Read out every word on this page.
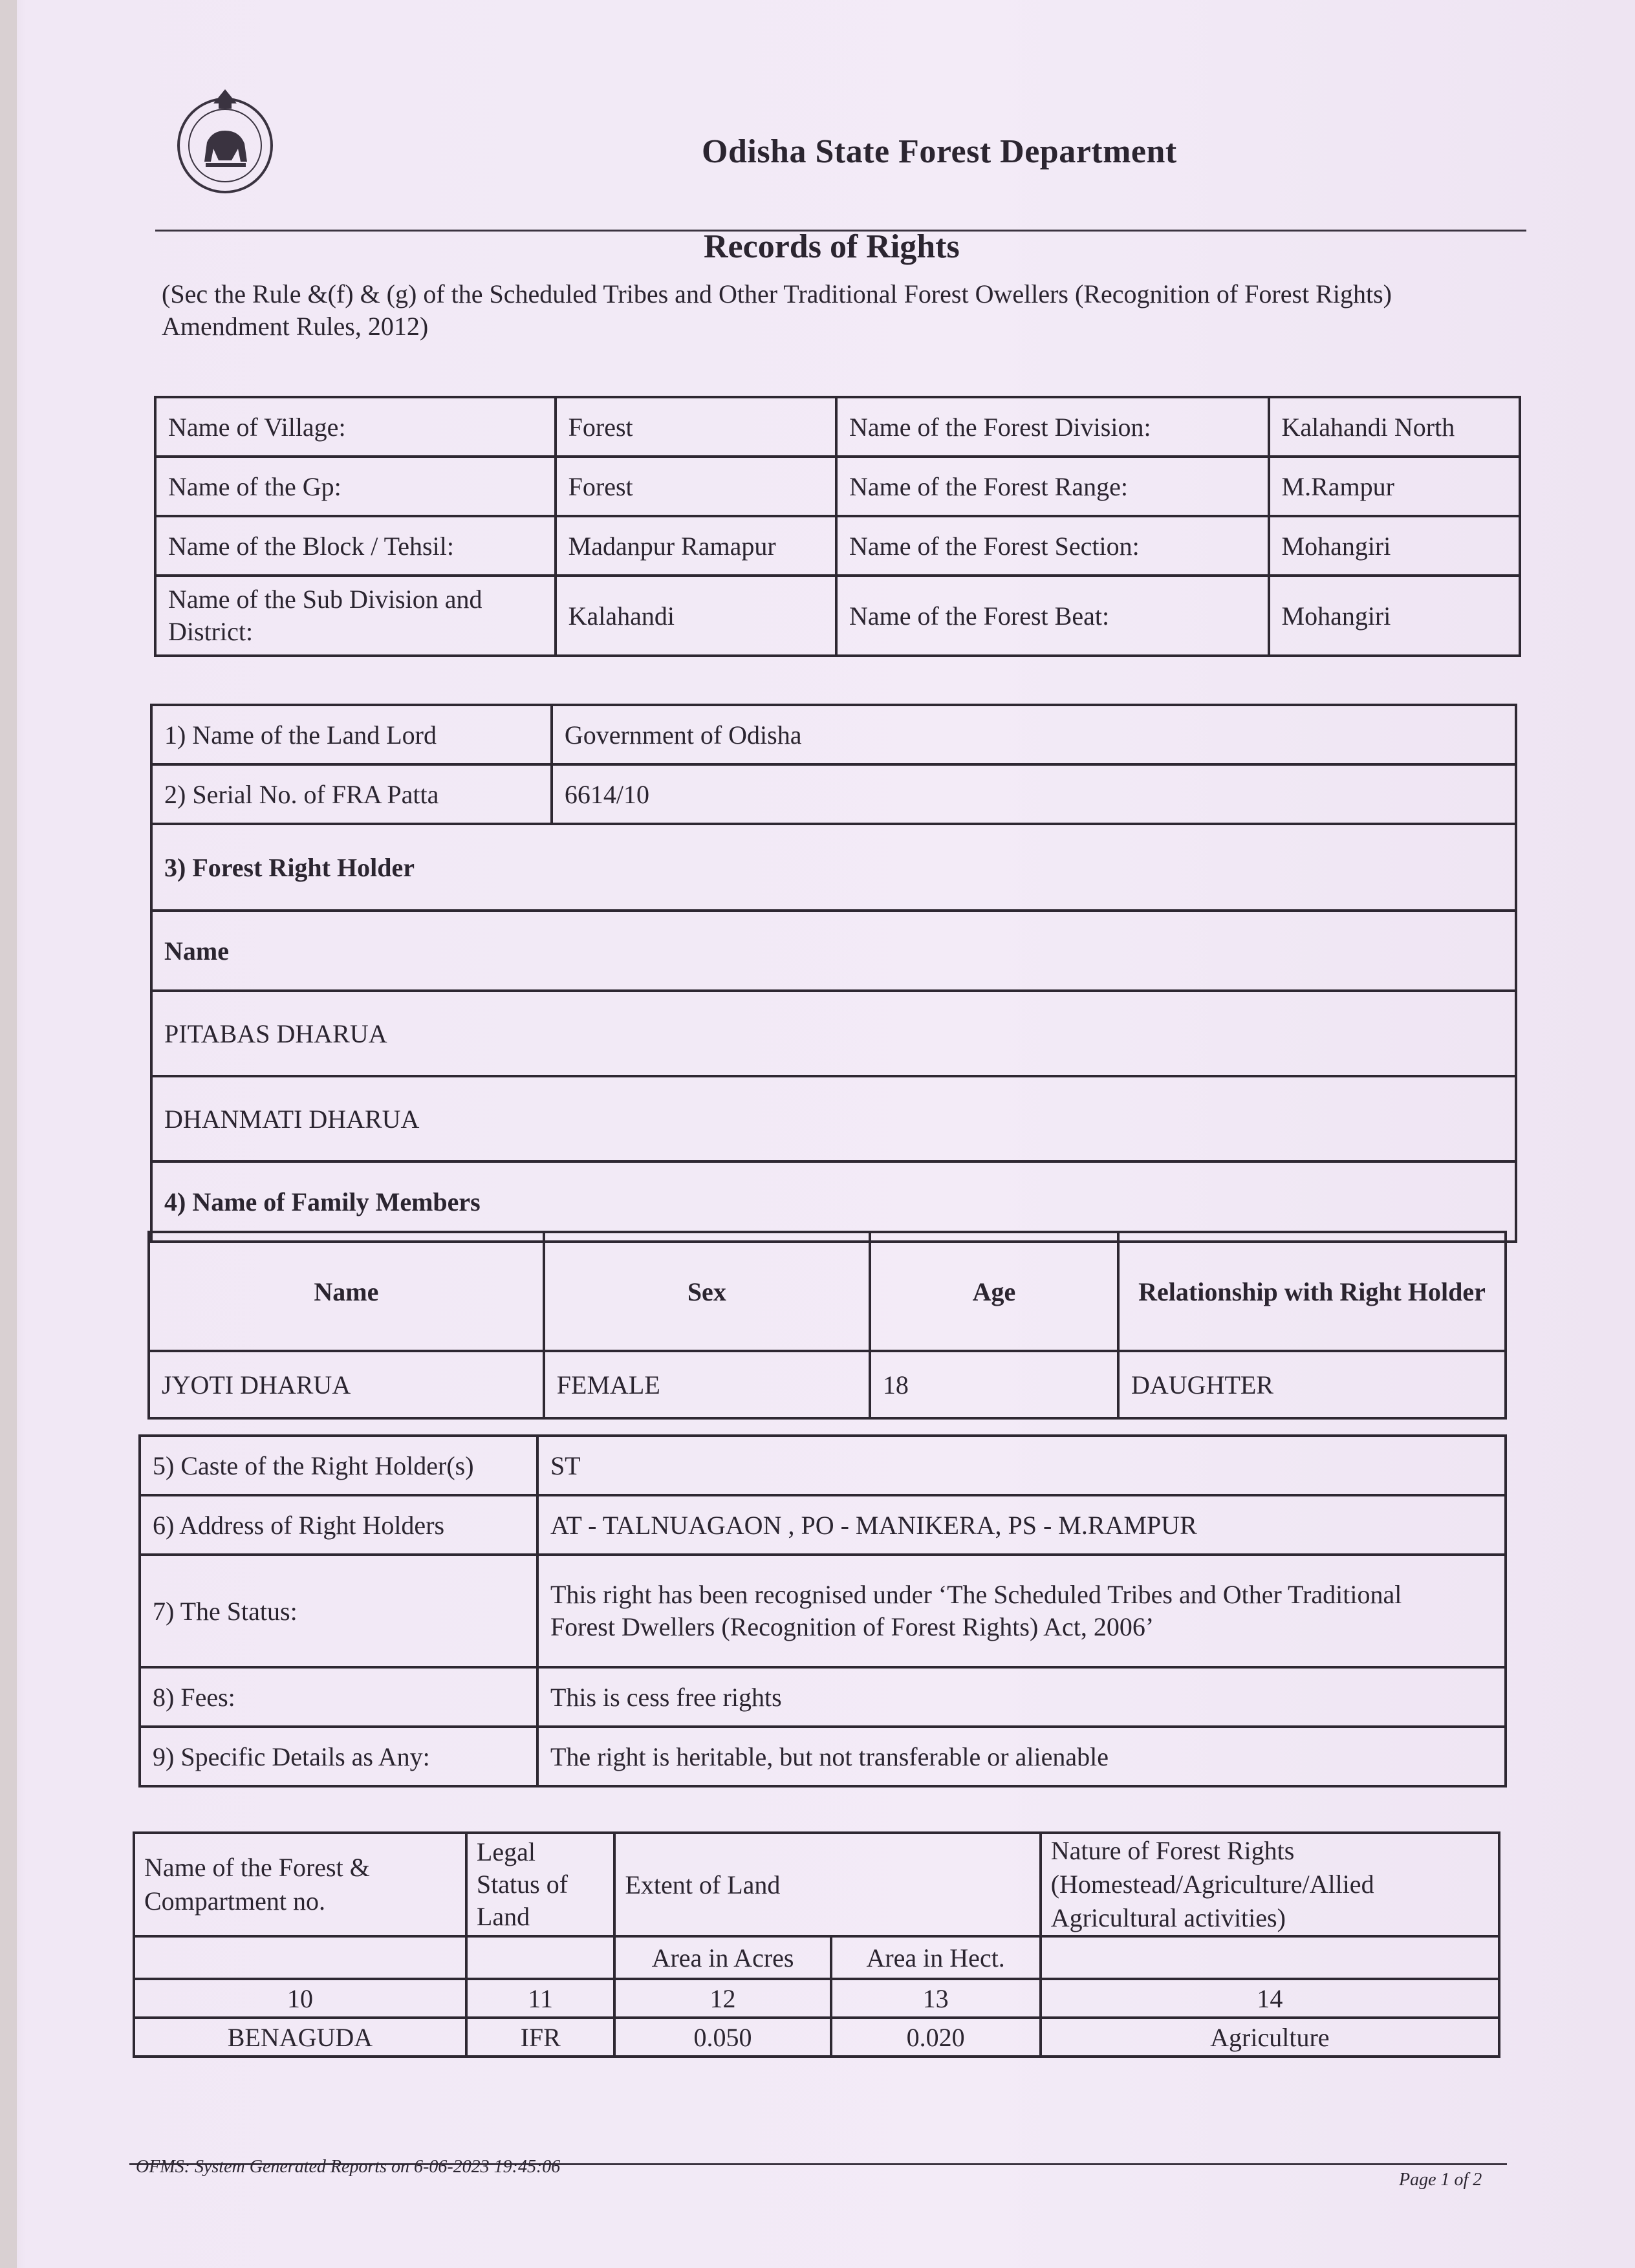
Odisha State Forest Department
Records of Rights
(Sec the Rule &(f) & (g) of the Scheduled Tribes and Other Traditional Forest Owellers (Recognition of Forest Rights) Amendment Rules, 2012)
Name of Village:	Forest	Name of the Forest Division:	Kalahandi North
Name of the Gp:	Forest	Name of the Forest Range:	M.Rampur
Name of the Block / Tehsil:	Madanpur Ramapur	Name of the Forest Section:	Mohangiri
Name of the Sub Division and District:	Kalahandi	Name of the Forest Beat:	Mohangiri
1) Name of the Land Lord	Government of Odisha
2) Serial No. of FRA Patta	6614/10
3) Forest Right Holder	
Name	
PITABAS DHARUA	
DHANMATI DHARUA	
4) Name of Family Members	
Name	Sex	Age	Relationship with Right Holder
JYOTI DHARUA	FEMALE	18	DAUGHTER
5) Caste of the Right Holder(s)	ST
6) Address of Right Holders	AT - TALNUAGAON , PO - MANIKERA, PS - M.RAMPUR
7) The Status:	This right has been recognised under ‘The Scheduled Tribes and Other Traditional
Forest Dwellers (Recognition of Forest Rights) Act, 2006’

8) Fees:	This is cess free rights
9) Specific Details as Any:	The right is heritable, but not transferable or alienable
Name of the Forest & Compartment no.	Legal Status of Land	Extent of Land		Nature of Forest Rights (Homestead/Agriculture/Allied Agricultural activities)
		Area in Acres	Area in Hect.	
10	11	12	13	14
BENAGUDA	IFR	0.050	0.020	Agriculture
OFMS: System Generated Reports on 6-06-2023 19:45:06
Page 1 of 2
